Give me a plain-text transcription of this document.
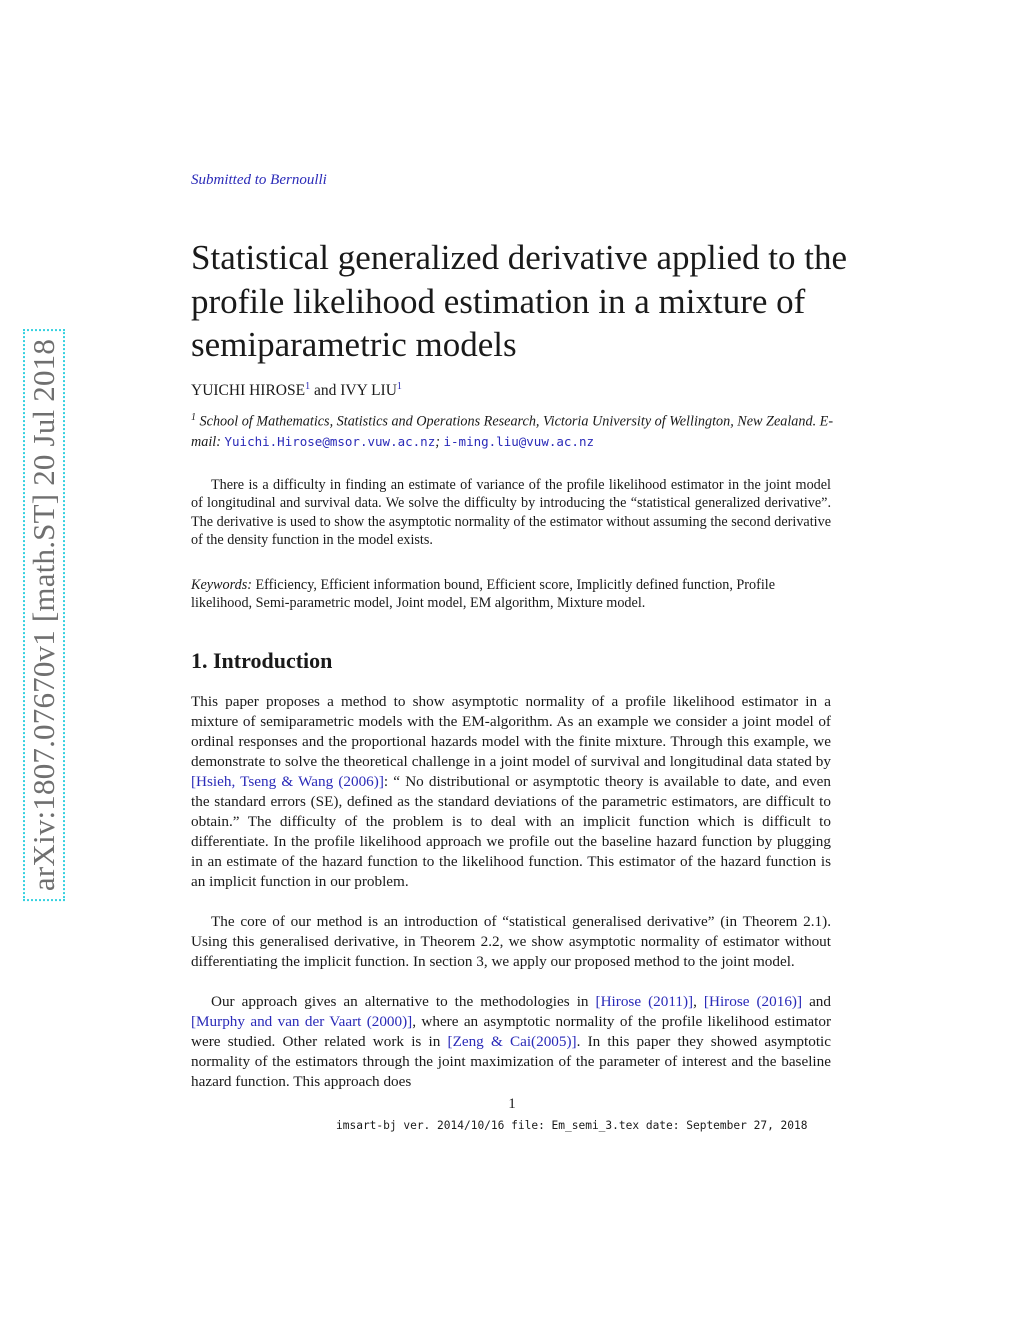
arXiv:1807.07670v1 [math.ST] 20 Jul 2018
Submitted to Bernoulli
Statistical generalized derivative applied to the profile likelihood estimation in a mixture of semiparametric models
YUICHI HIROSE$^1$ and IVY LIU$^1$
$^1$ School of Mathematics, Statistics and Operations Research, Victoria University of Wellington, New Zealand. E-mail: Yuichi.Hirose@msor.vuw.ac.nz; i-ming.liu@vuw.ac.nz

There is a difficulty in finding an estimate of variance of the profile likelihood estimator in the joint model of longitudinal and survival data. We solve the difficulty by introducing the “statistical generalized derivative”. The derivative is used to show the asymptotic normality of the estimator without assuming the second derivative of the density function in the model exists.

Keywords: Efficiency, Efficient information bound, Efficient score, Implicitly defined function, Profile likelihood, Semi-parametric model, Joint model, EM algorithm, Mixture model.

1. Introduction

This paper proposes a method to show asymptotic normality of a profile likelihood estimator in a mixture of semiparametric models with the EM-algorithm. As an example we consider a joint model of ordinal responses and the proportional hazards model with the finite mixture. Through this example, we demonstrate to solve the theoretical challenge in a joint model of survival and longitudinal data stated by [Hsieh, Tseng & Wang (2006)]: “ No distributional or asymptotic theory is available to date, and even the standard errors (SE), defined as the standard deviations of the parametric estimators, are difficult to obtain.” The difficulty of the problem is to deal with an implicit function which is difficult to differentiate. In the profile likelihood approach we profile out the baseline hazard function by plugging in an estimate of the hazard function to the likelihood function. This estimator of the hazard function is an implicit function in our problem.

The core of our method is an introduction of “statistical generalised derivative” (in Theorem 2.1). Using this generalised derivative, in Theorem 2.2, we show asymptotic normality of estimator without differentiating the implicit function. In section 3, we apply our proposed method to the joint model.

Our approach gives an alternative to the methodologies in [Hirose (2011)], [Hirose (2016)] and [Murphy and van der Vaart (2000)], where an asymptotic normality of the profile likelihood estimator were studied. Other related work is in [Zeng & Cai(2005)]. In this paper they showed asymptotic normality of the estimators through the joint maximization of the parameter of interest and the baseline hazard function. This approach does

1
imsart-bj ver. 2014/10/16 file: Em_semi_3.tex date: September 27, 2018
